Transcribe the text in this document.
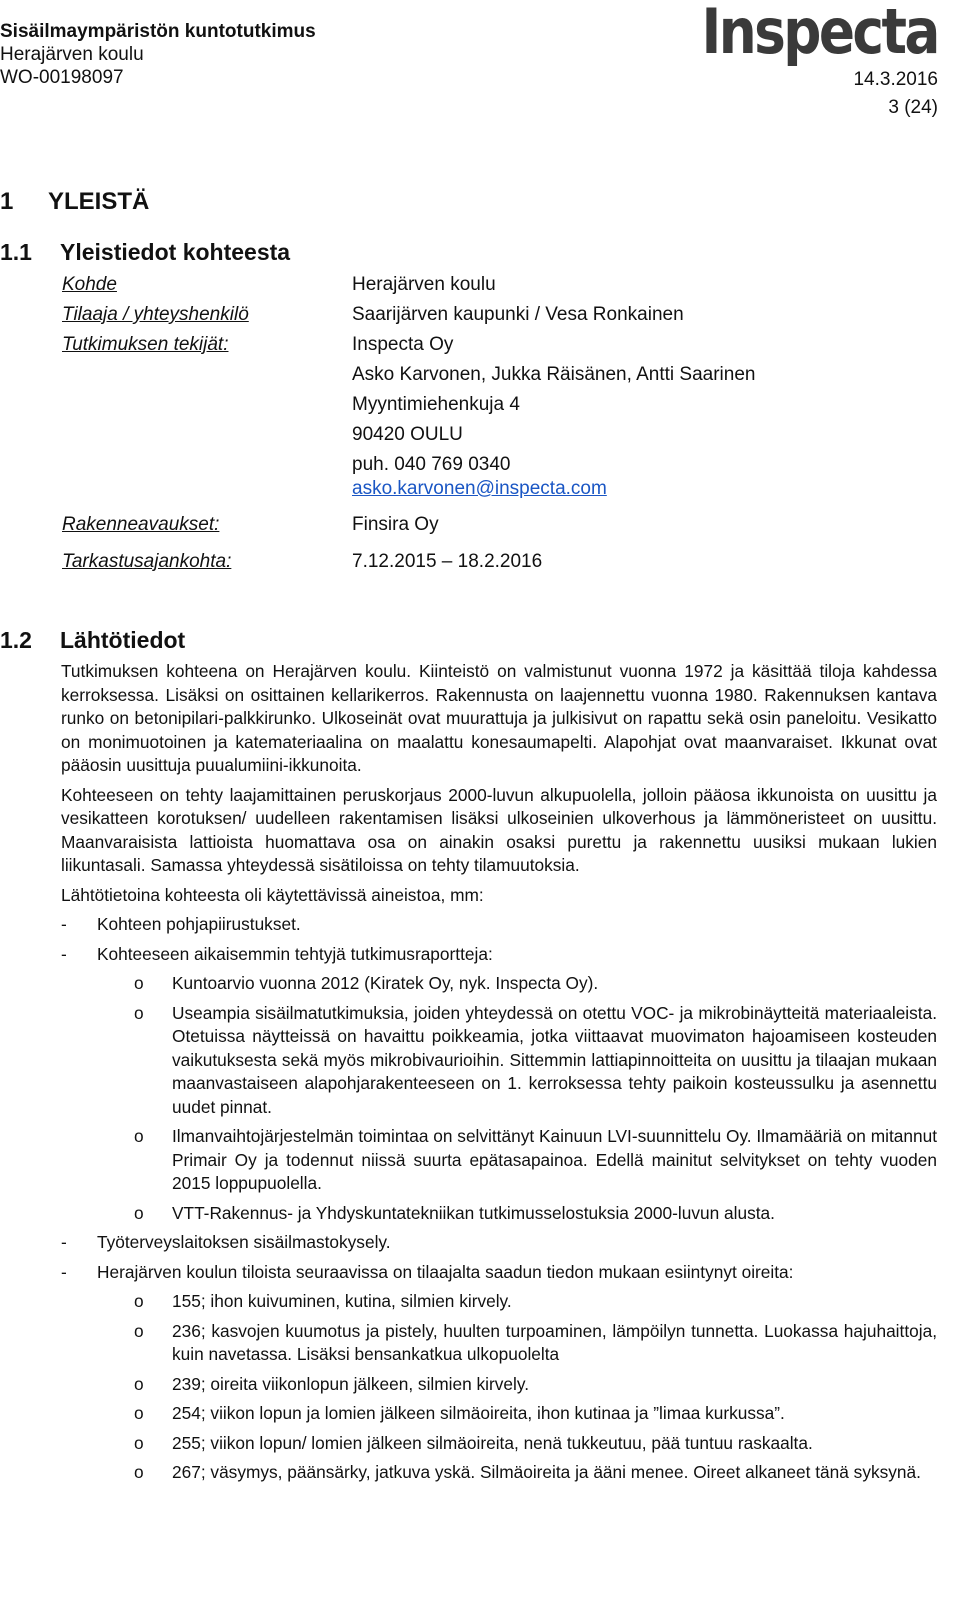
Sisäilmaympäristön kuntotutkimus
Herajärven koulu
WO-00198097
Inspecta
14.3.2016
3 (24)
1 YLEISTÄ
1.1 Yleistiedot kohteesta
Kohde	Herajärven koulu
Tilaaja / yhteyshenkilö	Saarijärven kaupunki / Vesa Ronkainen
Tutkimuksen tekijät:	Inspecta Oy
Asko Karvonen, Jukka Räisänen, Antti Saarinen
Myyntimiehenkuja 4
90420 OULU
puh. 040 769 0340
asko.karvonen@inspecta.com
Rakenneavaukset:	Finsira Oy
Tarkastusajankohta:	7.12.2015 – 18.2.2016
1.2 Lähtötiedot

Tutkimuksen kohteena on Herajärven koulu. Kiinteistö on valmistunut vuonna 1972 ja käsittää tiloja kahdessa kerroksessa. Lisäksi on osittainen kellarikerros. Rakennusta on laajennettu vuonna 1980. Rakennuksen kantava runko on betonipilari-palkkirunko. Ulkoseinät ovat muurattuja ja julkisivut on rapattu sekä osin paneloitu. Vesikatto on monimuotoinen ja katemateriaalina on maalattu konesaumapelti. Alapohjat ovat maanvaraiset. Ikkunat ovat pääosin uusittuja puualumiini-ikkunoita.

Kohteeseen on tehty laajamittainen peruskorjaus 2000-luvun alkupuolella, jolloin pääosa ikkunoista on uusittu ja vesikatteen korotuksen/ uudelleen rakentamisen lisäksi ulkoseinien ulkoverhous ja lämmöneristeet on uusittu. Maanvaraisista lattioista huomattava osa on ainakin osaksi purettu ja rakennettu uusiksi mukaan lukien liikuntasali. Samassa yhteydessä sisätiloissa on tehty tilamuutoksia.

Lähtötietoina kohteesta oli käytettävissä aineistoa, mm:

- Kohteen pohjapiirustukset.
- Kohteeseen aikaisemmin tehtyjä tutkimusraportteja:
o Kuntoarvio vuonna 2012 (Kiratek Oy, nyk. Inspecta Oy).
o Useampia sisäilmatutkimuksia, joiden yhteydessä on otettu VOC- ja mikrobinäytteitä materiaaleista. Otetuissa näytteissä on havaittu poikkeamia, jotka viittaavat muovimaton hajoamiseen kosteuden vaikutuksesta sekä myös mikrobivaurioihin. Sittemmin lattiapinnoitteita on uusittu ja tilaajan mukaan maanvastaiseen alapohjarakenteeseen on 1. kerroksessa tehty paikoin kosteussulku ja asennettu uudet pinnat.
o Ilmanvaihtojärjestelmän toimintaa on selvittänyt Kainuun LVI-suunnittelu Oy. Ilmamääriä on mitannut Primair Oy ja todennut niissä suurta epätasapainoa. Edellä mainitut selvitykset on tehty vuoden 2015 loppupuolella.
o VTT-Rakennus- ja Yhdyskuntatekniikan tutkimusselostuksia 2000-luvun alusta.
- Työterveyslaitoksen sisäilmastokysely.
- Herajärven koulun tiloista seuraavissa on tilaajalta saadun tiedon mukaan esiintynyt oireita:
o 155; ihon kuivuminen, kutina, silmien kirvely.
o 236; kasvojen kuumotus ja pistely, huulten turpoaminen, lämpöilyn tunnetta. Luokassa hajuhaittoja, kuin navetassa. Lisäksi bensankatkua ulkopuolelta
o 239; oireita viikonlopun jälkeen, silmien kirvely.
o 254; viikon lopun ja lomien jälkeen silmäoireita, ihon kutinaa ja ”limaa kurkussa”.
o 255; viikon lopun/ lomien jälkeen silmäoireita, nenä tukkeutuu, pää tuntuu raskaalta.
o 267; väsymys, päänsärky, jatkuva yskä. Silmäoireita ja ääni menee. Oireet alkaneet tänä syksynä.
